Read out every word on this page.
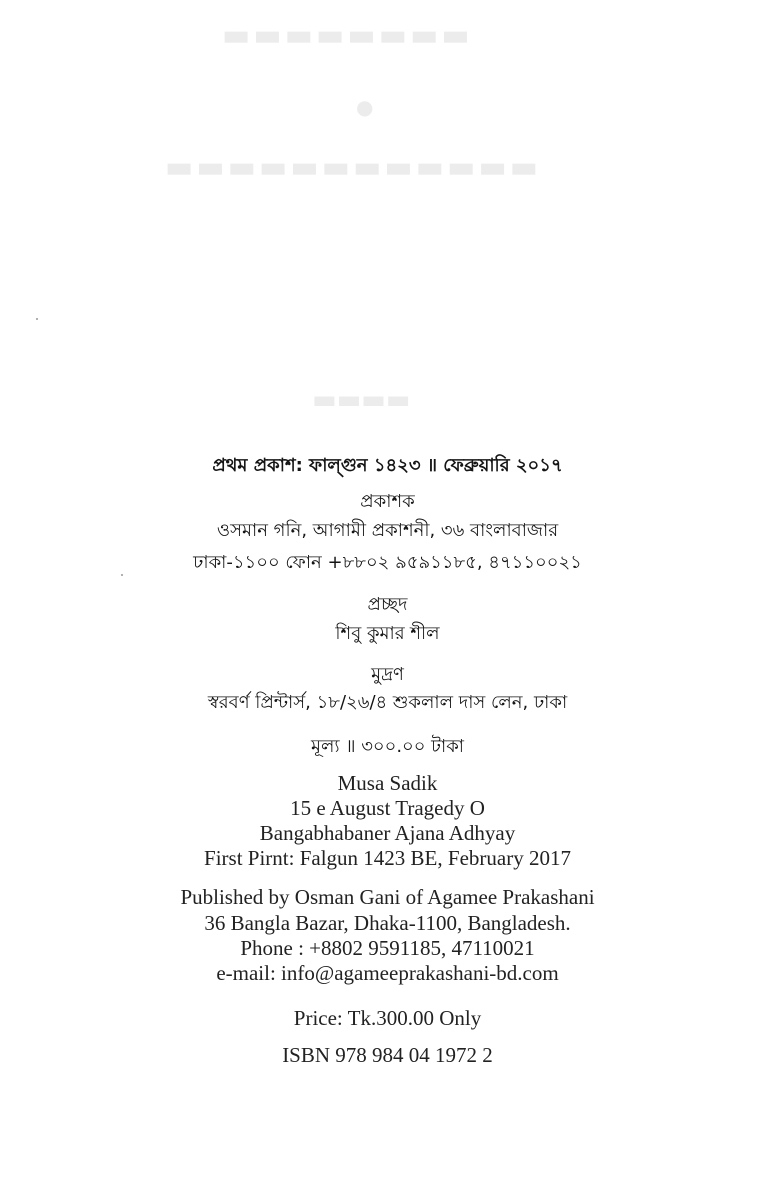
▬▬▬▬▬▬▬▬
●
▬▬▬▬▬▬▬▬▬▬▬▬
▬▬▬▬
প্রথম প্রকাশ: ফাল্গুন ১৪২৩ ॥ ফেব্রুয়ারি ২০১৭
প্রকাশক
ওসমান গনি, আগামী প্রকাশনী, ৩৬ বাংলাবাজার
ঢাকা-১১০০ ফোন +৮৮০২ ৯৫৯১১৮৫, ৪৭১১০০২১
প্রচ্ছদ
শিবু কুমার শীল
মুদ্রণ
স্বরবর্ণ প্রিন্টার্স, ১৮/২৬/৪ শুকলাল দাস লেন, ঢাকা
মূল্য ॥ ৩০০.০০ টাকা
Musa Sadik
15 e August Tragedy O
Bangabhabaner Ajana Adhyay
First Pirnt: Falgun 1423 BE, February 2017
Published by Osman Gani of Agamee Prakashani
36 Bangla Bazar, Dhaka-1100, Bangladesh.
Phone : +8802 9591185, 47110021
e-mail: info@agameeprakashani-bd.com
Price: Tk.300.00 Only
ISBN 978 984 04 1972 2
